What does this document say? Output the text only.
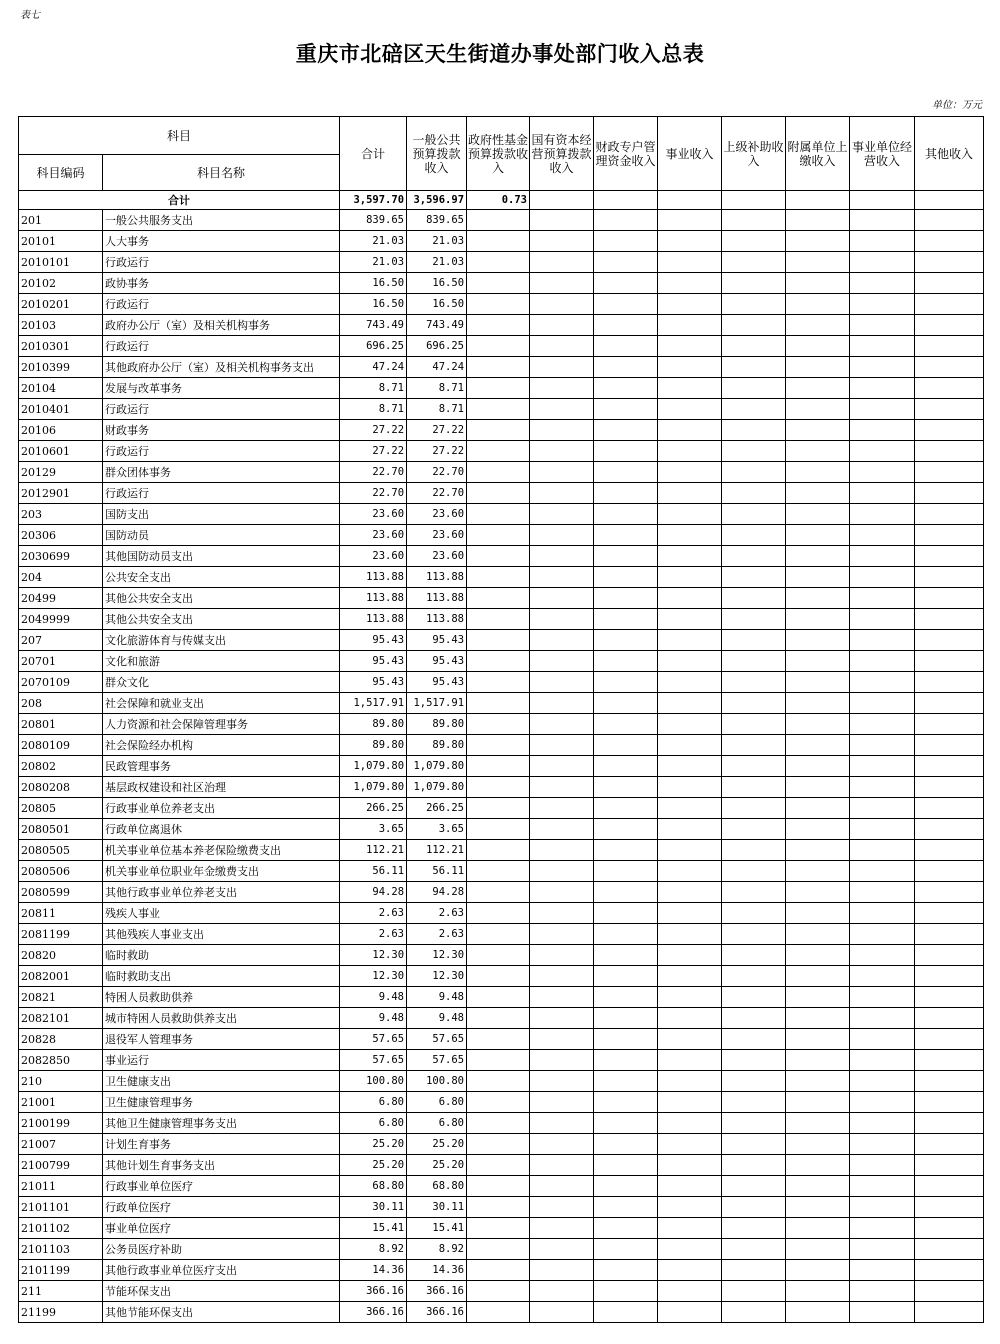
表七
重庆市北碚区天生街道办事处部门收入总表
单位：万元
科目		合计	一般公共预算拨款收入	政府性基金预算拨款收入	国有资本经营预算拨款收入	财政专户管理资金收入	事业收入	上级补助收入	附属单位上缴收入	事业单位经营收入	其他收入
科目编码	科目名称										
合计		3,597.70	3,596.97	0.73							
201	一般公共服务支出	839.65	839.65								
20101	人大事务	21.03	21.03								
2010101	行政运行	21.03	21.03								
20102	政协事务	16.50	16.50								
2010201	行政运行	16.50	16.50								
20103	政府办公厅（室）及相关机构事务	743.49	743.49								
2010301	行政运行	696.25	696.25								
2010399	其他政府办公厅（室）及相关机构事务支出	47.24	47.24								
20104	发展与改革事务	8.71	8.71								
2010401	行政运行	8.71	8.71								
20106	财政事务	27.22	27.22								
2010601	行政运行	27.22	27.22								
20129	群众团体事务	22.70	22.70								
2012901	行政运行	22.70	22.70								
203	国防支出	23.60	23.60								
20306	国防动员	23.60	23.60								
2030699	其他国防动员支出	23.60	23.60								
204	公共安全支出	113.88	113.88								
20499	其他公共安全支出	113.88	113.88								
2049999	其他公共安全支出	113.88	113.88								
207	文化旅游体育与传媒支出	95.43	95.43								
20701	文化和旅游	95.43	95.43								
2070109	群众文化	95.43	95.43								
208	社会保障和就业支出	1,517.91	1,517.91								
20801	人力资源和社会保障管理事务	89.80	89.80								
2080109	社会保险经办机构	89.80	89.80								
20802	民政管理事务	1,079.80	1,079.80								
2080208	基层政权建设和社区治理	1,079.80	1,079.80								
20805	行政事业单位养老支出	266.25	266.25								
2080501	行政单位离退休	3.65	3.65								
2080505	机关事业单位基本养老保险缴费支出	112.21	112.21								
2080506	机关事业单位职业年金缴费支出	56.11	56.11								
2080599	其他行政事业单位养老支出	94.28	94.28								
20811	残疾人事业	2.63	2.63								
2081199	其他残疾人事业支出	2.63	2.63								
20820	临时救助	12.30	12.30								
2082001	临时救助支出	12.30	12.30								
20821	特困人员救助供养	9.48	9.48								
2082101	城市特困人员救助供养支出	9.48	9.48								
20828	退役军人管理事务	57.65	57.65								
2082850	事业运行	57.65	57.65								
210	卫生健康支出	100.80	100.80								
21001	卫生健康管理事务	6.80	6.80								
2100199	其他卫生健康管理事务支出	6.80	6.80								
21007	计划生育事务	25.20	25.20								
2100799	其他计划生育事务支出	25.20	25.20								
21011	行政事业单位医疗	68.80	68.80								
2101101	行政单位医疗	30.11	30.11								
2101102	事业单位医疗	15.41	15.41								
2101103	公务员医疗补助	8.92	8.92								
2101199	其他行政事业单位医疗支出	14.36	14.36								
211	节能环保支出	366.16	366.16								
21199	其他节能环保支出	366.16	366.16								
